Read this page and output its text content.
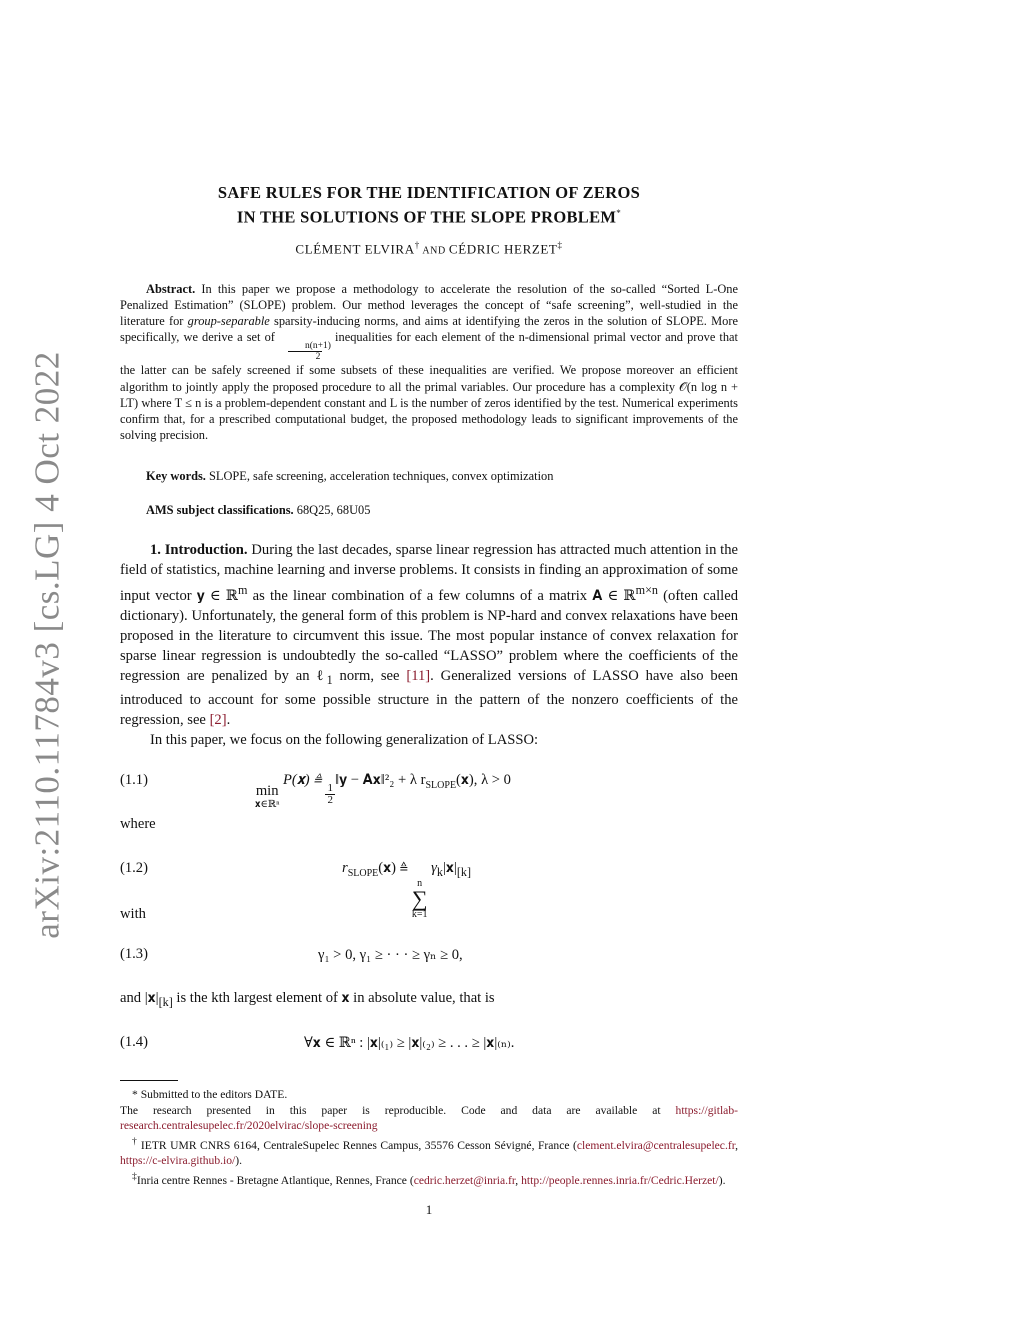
arXiv:2110.11784v3 [cs.LG] 4 Oct 2022
SAFE RULES FOR THE IDENTIFICATION OF ZEROS
IN THE SOLUTIONS OF THE SLOPE PROBLEM*
CLÉMENT ELVIRA† AND CÉDRIC HERZET‡

Abstract. In this paper we propose a methodology to accelerate the resolution of the so-called “Sorted L-One Penalized Estimation” (SLOPE) problem. Our method leverages the concept of “safe screening”, well-studied in the literature for group-separable sparsity-inducing norms, and aims at identifying the zeros in the solution of SLOPE. More specifically, we derive a set of
$\frac{n(n+1)}{2}$
inequalities for each element of the n-dimensional primal vector and prove that the latter can be safely screened if some subsets of these inequalities are verified. We propose moreover an efficient algorithm to jointly apply the proposed procedure to all the primal variables. Our procedure has a complexity 𝒪(n log n + LT) where T ≤ n is a problem-dependent constant and L is the number of zeros identified by the test. Numerical experiments confirm that, for a prescribed computational budget, the proposed methodology leads to significant improvements of the solving precision.

Key words. SLOPE, safe screening, acceleration techniques, convex optimization

AMS subject classifications. 68Q25, 68U05

1. Introduction. During the last decades, sparse linear regression has attracted much attention in the field of statistics, machine learning and inverse problems. It consists in finding an approximation of some input vector 𝐲 ∈ ℝ$^m$ as the linear combination of a few columns of a matrix 𝐀 ∈ ℝ$^{m\times n}$ (often called dictionary). Unfortunately, the general form of this problem is NP-hard and convex relaxations have been proposed in the literature to circumvent this issue. The most popular instance of convex relaxation for sparse linear regression is undoubtedly the so-called “LASSO” problem where the coefficients of the regression are penalized by an ℓ$_1$ norm, see [11]. Generalized versions of LASSO have also been introduced to account for some possible structure in the pattern of the nonzero coefficients of the regression, see [2].

In this paper, we focus on the following generalization of LASSO:

(1.1)
min
𝐱∈ℝⁿ
P(𝐱) ≜
$\frac{1}{2}$
‖𝐲 − 𝐀𝐱‖²₂ + λ $r_{SLOPE}(𝐱)$, λ > 0

where

(1.2)	$r_{SLOPE}(𝐱)$ ≜
n
∑
k=1
$\gamma_k|𝐱|_{[k]}$

with

(1.3)	γ₁ > 0, γ₁ ≥ · · · ≥ γₙ ≥ 0,

and $|𝐱|_{[k]}$ is the kth largest element of 𝐱 in absolute value, that is

(1.4)	∀𝐱 ∈ ℝⁿ : |𝐱|₍₁₎ ≥ |𝐱|₍₂₎ ≥ . . . ≥ |𝐱|₍ₙ₎.

* Submitted to the editors DATE.

The research presented in this paper is reproducible. Code and data are available at https://gitlab-research.centralesupelec.fr/2020elvirac/slope-screening

† IETR UMR CNRS 6164, CentraleSupelec Rennes Campus, 35576 Cesson Sévigné, France (clement.elvira@centralesupelec.fr, https://c-elvira.github.io/).

‡Inria centre Rennes - Bretagne Atlantique, Rennes, France (cedric.herzet@inria.fr, http://people.rennes.inria.fr/Cedric.Herzet/).

1
